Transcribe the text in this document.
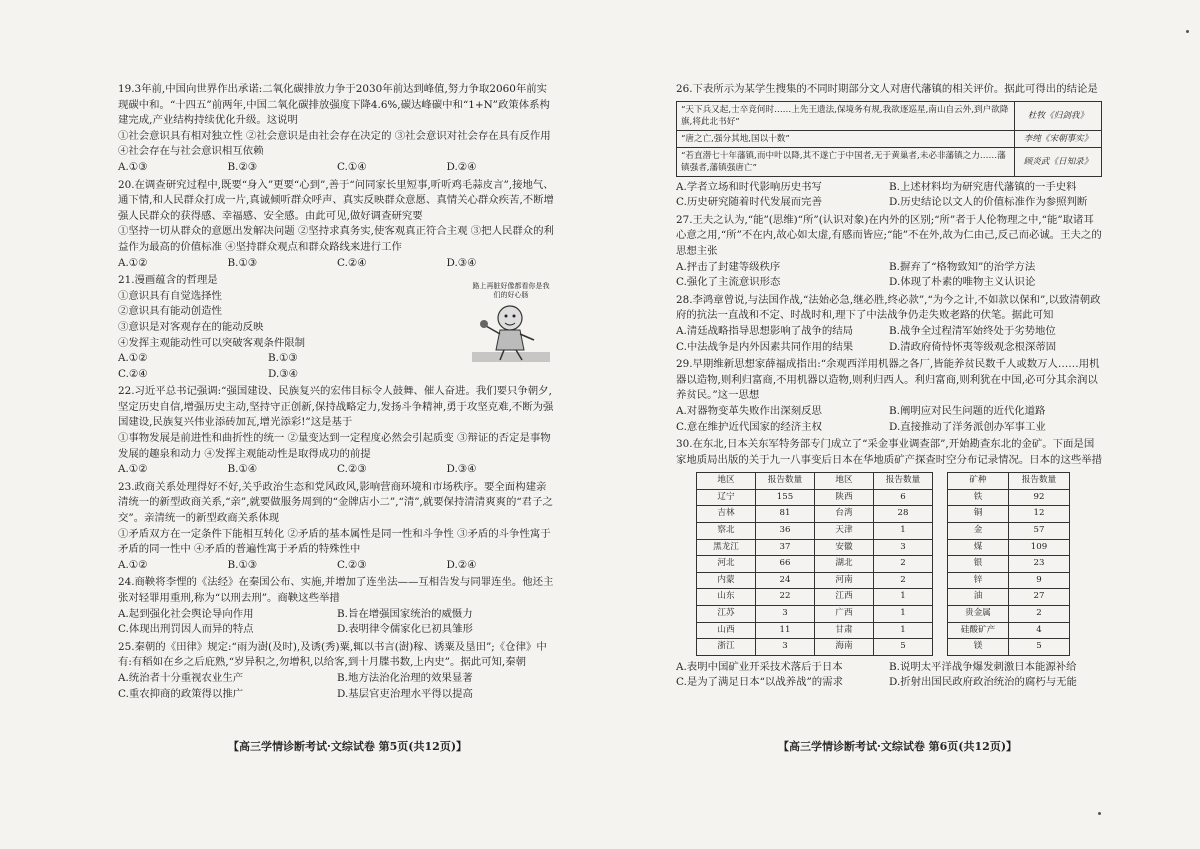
19.3年前,中国向世界作出承诺:二氧化碳排放力争于2030年前达到峰值,努力争取2060年前实现碳中和。“十四五”前两年,中国二氧化碳排放强度下降4.6%,碳达峰碳中和“1+N”政策体系构建完成,产业结构持续优化升级。这说明
①社会意识具有相对独立性 ②社会意识是由社会存在决定的 ③社会意识对社会存在具有反作用 ④社会存在与社会意识相互依赖
A.①③	B.②③	C.①④	D.②④
20.在调查研究过程中,既要“身入”更要“心到”,善于“问同家长里短事,听听鸡毛蒜皮言”,接地气、通下情,和人民群众打成一片,真诚倾听群众呼声、真实反映群众意愿、真情关心群众疾苦,不断增强人民群众的获得感、幸福感、安全感。由此可见,做好调查研究要
①坚持一切从群众的意愿出发解决问题 ②坚持求真务实,使客观真正符合主观 ③把人民群众的利益作为最高的价值标准 ④坚持群众观点和群众路线来进行工作
A.①②	B.①③	C.②④	D.③④
21.漫画蕴含的哲理是
①意识具有自觉选择性
②意识具有能动创造性
③意识是对客观存在的能动反映
④发挥主观能动性可以突破客观条件限制
A.①②	B.①③
C.②④	D.③④
22.习近平总书记强调:“强国建设、民族复兴的宏伟目标令人鼓舞、催人奋进。我们要只争朝夕,坚定历史自信,增强历史主动,坚持守正创新,保持战略定力,发扬斗争精神,勇于攻坚克难,不断为强国建设,民族复兴伟业添砖加瓦,增光添彩!”这是基于
①事物发展是前进性和曲折性的统一 ②量变达到一定程度必然会引起质变 ③辩证的否定是事物发展的趣泉和动力 ④发挥主观能动性是取得成功的前提
A.①②	B.①④	C.②③	D.③④
23.政商关系处理得好不好,关乎政治生态和党风政风,影响营商环境和市场秩序。要全面构建亲清统一的新型政商关系,“亲”,就要做服务周到的“金牌店小二”,“清”,就要保持清清爽爽的“君子之交”。亲清统一的新型政商关系体现
①矛盾双方在一定条件下能相互转化 ②矛盾的基本属性是同一性和斗争性 ③矛盾的斗争性寓于矛盾的同一性中 ④矛盾的普遍性寓于矛盾的特殊性中
A.①②	B.①③	C.②③	D.②④
24.商鞅将李悝的《法经》在秦国公布、实施,并增加了连坐法——互相告发与同罪连坐。他还主张对轻罪用重刑,称为“以刑去刑”。商鞅这些举措
A.起到强化社会舆论导向作用	B.旨在增强国家统治的威慑力
C.体现出刑罚因人而异的特点	D.表明律令儒家化已初具雏形
25.秦朝的《田律》规定:“雨为澍(及时),及诱(秀)粟,辄以书言(澍)稼、诱粟及垦田”;《仓律》中有:有稻如在乡之后庇熟,“岁异积之,勿增积,以给客,到十月牒书数,上内史”。据此可知,秦朝
A.统治者十分重视农业生产	B.地方法治化治理的效果显著
C.重农抑商的政策得以推广	D.基层官吏治理水平得以提高
路上再脏好像都看你是我们的好心肠
【高三学情诊断考试·文综试卷 第5页(共12页)】
26.下表所示为某学生搜集的不同时期部分文人对唐代藩镇的相关评价。据此可得出的结论是
“天下兵又起,士卒竞何时……上先王遗法,保境务有规,我欲逐巡星,南山自云外,到户欲降旗,将此北书好”	杜牧《归剑我》
“唐之亡,强分其地,国以十数”	李纯《宋朝事实》
“若直潜七十年藩镇,而中叶以降,其不遂亡于中国者,无于黄巢者,未必非藩镇之力……藩镇强者,藩镇强唐亡”	顾炎武《日知录》
A.学者立场和时代影响历史书写	B.上述材料均为研究唐代藩镇的一手史料
C.历史研究随着时代发展而完善	D.历史结论以文人的价值标准作为参照判断
27.王夫之认为,“能”(思维)“所”(认识对象)在内外的区别;“所”者于人伦物理之中,“能”取诸耳心意之用,“所”不在内,故心如太虚,有感而皆应;“能”不在外,故为仁由己,反己而必诚。王夫之的思想主张
A.抨击了封建等级秩序	B.摒弃了“格物致知”的治学方法
C.强化了主流意识形态	D.体现了朴素的唯物主义认识论
28.李鸿章曾说,与法国作战,“法始必急,继必胜,终必款”,“为今之计,不如款以保和”,以致清朝政府的抗法一直战和不定、时战时和,理下了中法战争仍走失败老路的伏笔。据此可知
A.清廷战略指导思想影响了战争的结局	B.战争全过程清军始终处于劣势地位
C.中法战争是内外因素共同作用的结果	D.清政府倚恃怀夷等级观念根深蒂固
29.早期维新思想家薛福成指出:“余观西洋用机器之各厂,皆能养贫民数千人或数万人……用机器以造物,则利归富商,不用机器以造物,则利归西人。利归富商,则利犹在中国,必可分其余润以养贫民。”这一思想
A.对器物变革失败作出深刻反思	B.阐明应对民生问题的近代化道路
C.意在维护近代国家的经济主权	D.直接推动了洋务派创办军事工业
30.在东北,日本关东军特务部专门成立了“采金事业调查部”,开始勘查东北的金矿。下面是国家地质局出版的关于九一八事变后日本在华地质矿产探查时空分布记录情况。日本的这些举措
地区	报告数量	地区	报告数量
辽宁	155	陕西	6
吉林	81	台湾	28
察北	36	天津	1
黑龙江	37	安徽	3
河北	66	湖北	2
内蒙	24	河南	2
山东	22	江西	1
江苏	3	广西	1
山西	11	甘肃	1
浙江	3	海南	5
矿种	报告数量
铁	92
铜	12
金	57
煤	109
银	23
锌	9
油	27
贵金属	2
硅酸矿产	4
镁	5
A.表明中国矿业开采技术落后于日本	B.说明太平洋战争爆发刺激日本能源补给
C.是为了满足日本“以战养战”的需求	D.折射出国民政府政治统治的腐朽与无能
【高三学情诊断考试·文综试卷 第6页(共12页)】
